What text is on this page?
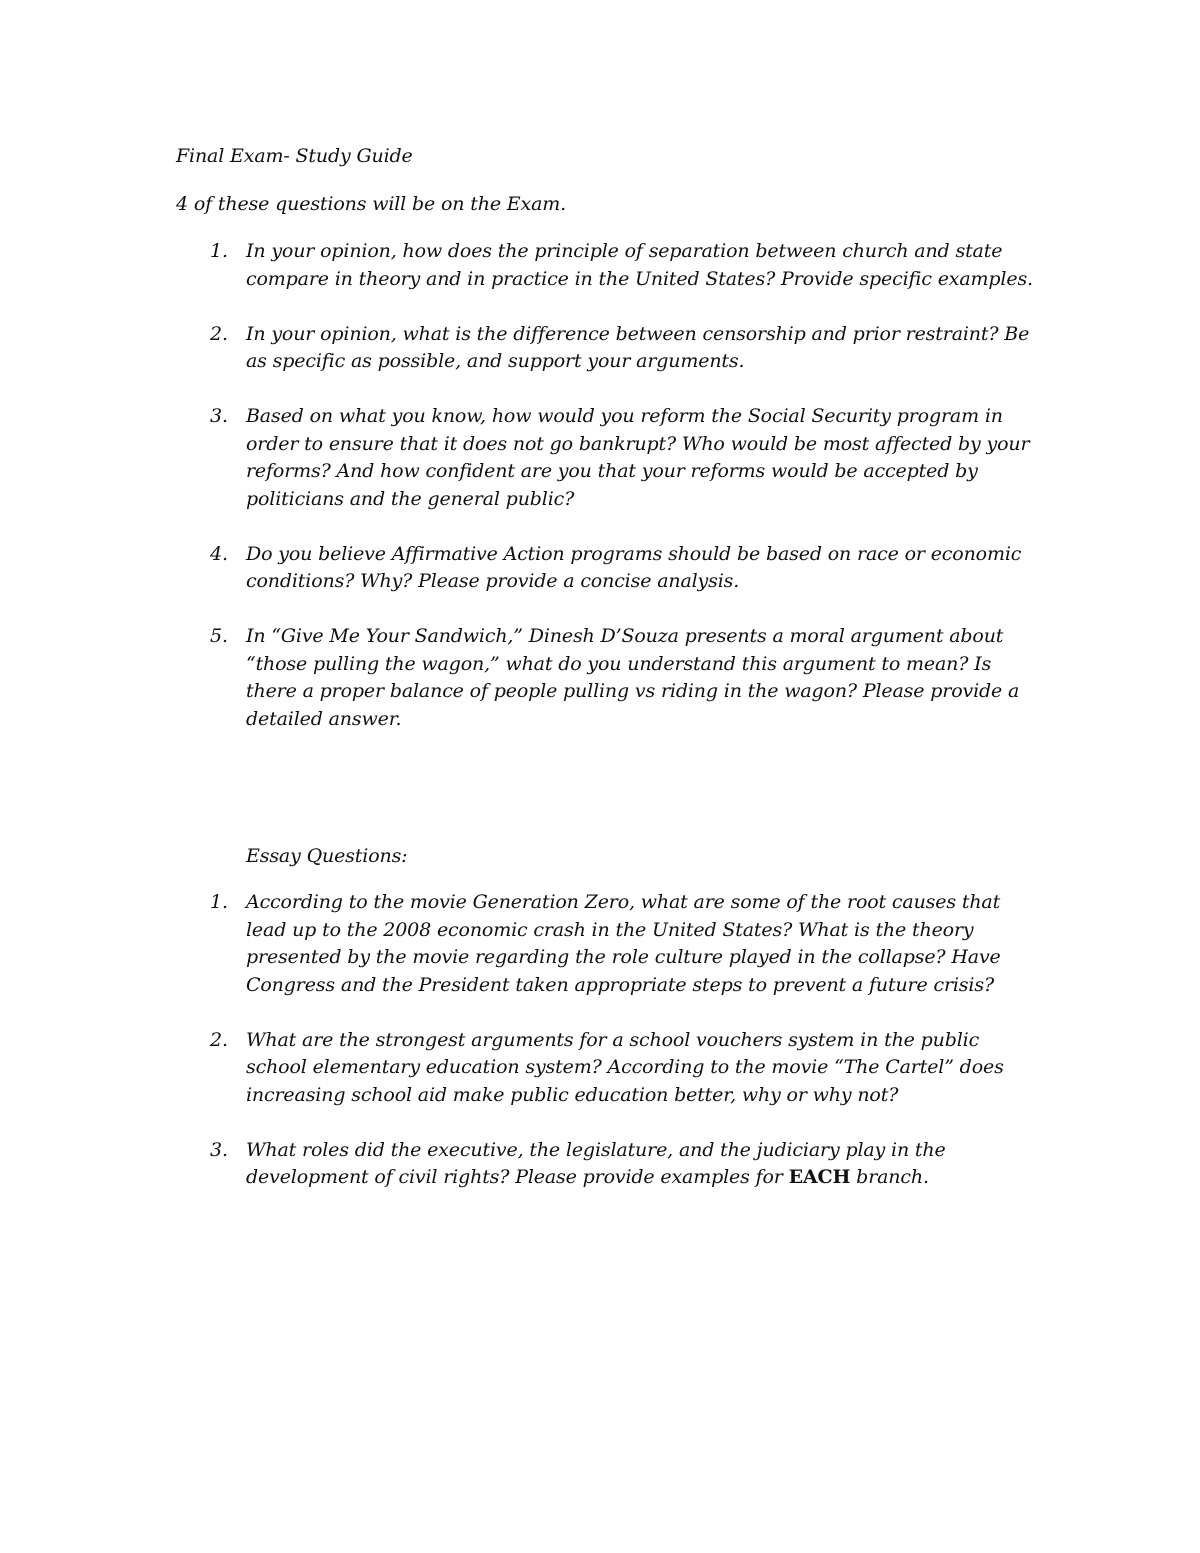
Final Exam- Study Guide

4 of these questions will be on the Exam.

1. In your opinion, how does the principle of separation between church and state compare in theory and in practice in the United States? Provide specific examples.
2. In your opinion, what is the difference between censorship and prior restraint? Be as specific as possible, and support your arguments.
3. Based on what you know, how would you reform the Social Security program in order to ensure that it does not go bankrupt? Who would be most affected by your reforms? And how confident are you that your reforms would be accepted by politicians and the general public?
4. Do you believe Affirmative Action programs should be based on race or economic conditions? Why? Please provide a concise analysis.
5. In “Give Me Your Sandwich,” Dinesh D’Souza presents a moral argument about “those pulling the wagon,” what do you understand this argument to mean? Is there a proper balance of people pulling vs riding in the wagon? Please provide a detailed answer.

Essay Questions:

1. According to the movie Generation Zero, what are some of the root causes that lead up to the 2008 economic crash in the United States? What is the theory presented by the movie regarding the role culture played in the collapse? Have Congress and the President taken appropriate steps to prevent a future crisis?
2. What are the strongest arguments for a school vouchers system in the public school elementary education system? According to the movie “The Cartel” does increasing school aid make public education better, why or why not?
3. What roles did the executive, the legislature, and the judiciary play in the development of civil rights? Please provide examples for EACH branch.
